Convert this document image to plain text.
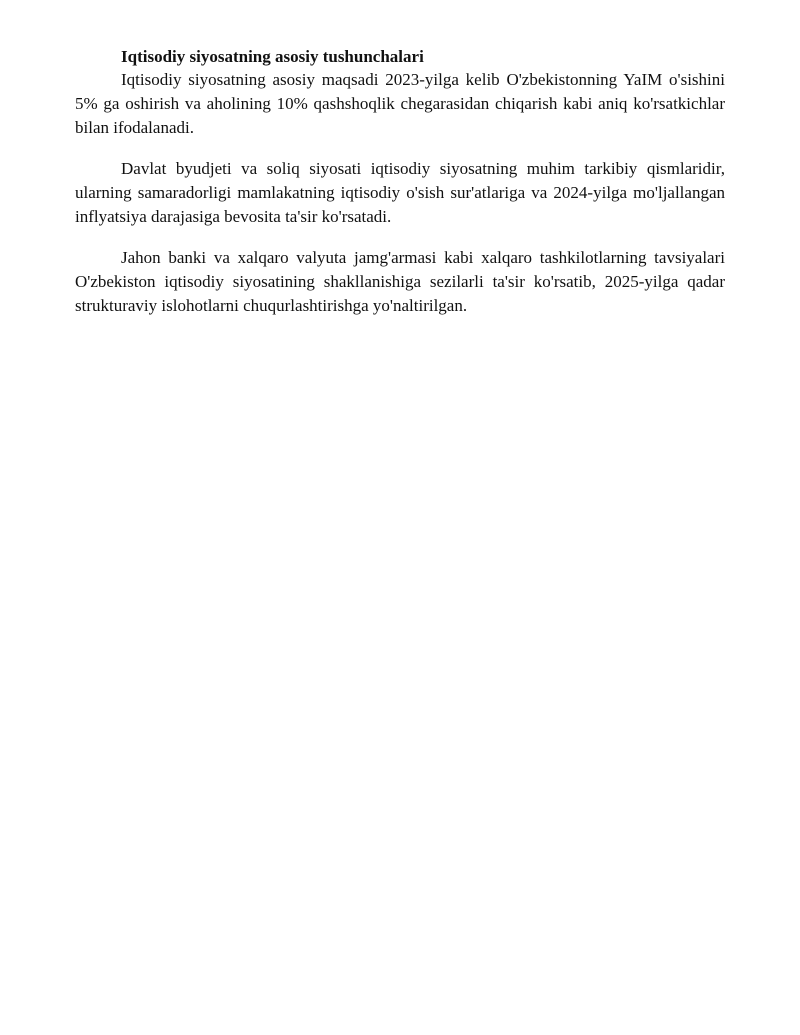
Iqtisodiy siyosatning asosiy tushunchalari

Iqtisodiy siyosatning asosiy maqsadi 2023-yilga kelib O'zbekistonning YaIM o'sishini 5% ga oshirish va aholining 10% qashshoqlik chegarasidan chiqarish kabi aniq ko'rsatkichlar bilan ifodalanadi.

Davlat byudjeti va soliq siyosati iqtisodiy siyosatning muhim tarkibiy qismlaridir, ularning samaradorligi mamlakatning iqtisodiy o'sish sur'atlariga va 2024-yilga mo'ljallangan inflyatsiya darajasiga bevosita ta'sir ko'rsatadi.

Jahon banki va xalqaro valyuta jamg'armasi kabi xalqaro tashkilotlarning tavsiyalari O'zbekiston iqtisodiy siyosatining shakllanishiga sezilarli ta'sir ko'rsatib, 2025-yilga qadar strukturaviy islohotlarni chuqurlashtirishga yo'naltirilgan.
